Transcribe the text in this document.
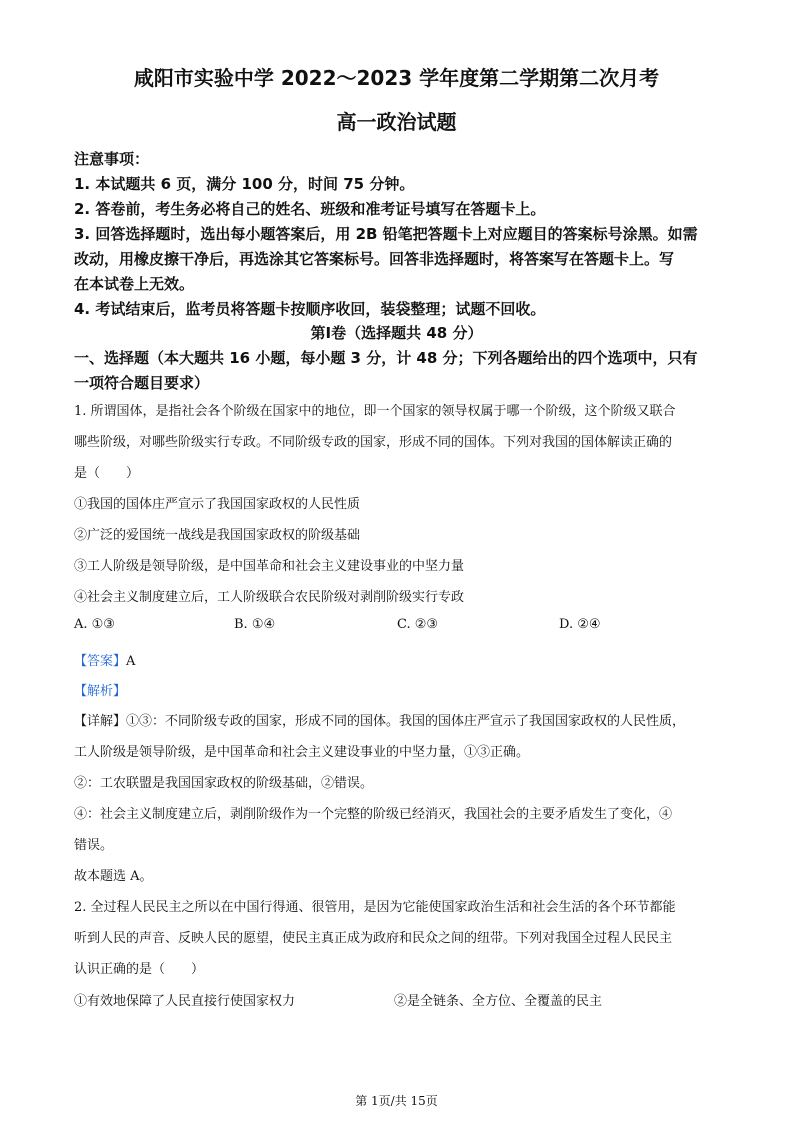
咸阳市实验中学 2022～2023 学年度第二学期第二次月考
高一政治试题
注意事项：
1. 本试题共 6 页，满分 100 分，时间 75 分钟。
2. 答卷前，考生务必将自己的姓名、班级和准考证号填写在答题卡上。
3. 回答选择题时，选出每小题答案后，用 2B 铅笔把答题卡上对应题目的答案标号涂黑。如需
改动，用橡皮擦干净后，再选涂其它答案标号。回答非选择题时，将答案写在答题卡上。写
在本试卷上无效。
4. 考试结束后，监考员将答题卡按顺序收回，装袋整理；试题不回收。
第Ⅰ卷（选择题共 48 分）
一、选择题（本大题共 16 小题，每小题 3 分，计 48 分；下列各题给出的四个选项中，只有
一项符合题目要求）
1. 所谓国体，是指社会各个阶级在国家中的地位，即一个国家的领导权属于哪一个阶级，这个阶级又联合
哪些阶级，对哪些阶级实行专政。不同阶级专政的国家，形成不同的国体。下列对我国的国体解读正确的
是（　　）
①我国的国体庄严宣示了我国国家政权的人民性质
②广泛的爱国统一战线是我国国家政权的阶级基础
③工人阶级是领导阶级，是中国革命和社会主义建设事业的中坚力量
④社会主义制度建立后，工人阶级联合农民阶级对剥削阶级实行专政
A. ①③	B. ①④	C. ②③	D. ②④
【答案】A
【解析】
【详解】①③：不同阶级专政的国家，形成不同的国体。我国的国体庄严宣示了我国国家政权的人民性质，
工人阶级是领导阶级，是中国革命和社会主义建设事业的中坚力量，①③正确。
②：工农联盟是我国国家政权的阶级基础，②错误。
④：社会主义制度建立后，剥削阶级作为一个完整的阶级已经消灭，我国社会的主要矛盾发生了变化，④
错误。
故本题选 A。
2. 全过程人民民主之所以在中国行得通、很管用，是因为它能使国家政治生活和社会生活的各个环节都能
听到人民的声音、反映人民的愿望，使民主真正成为政府和民众之间的纽带。下列对我国全过程人民民主
认识正确的是（　　）
①有效地保障了人民直接行使国家权力	②是全链条、全方位、全覆盖的民主
第 1页/共 15页
